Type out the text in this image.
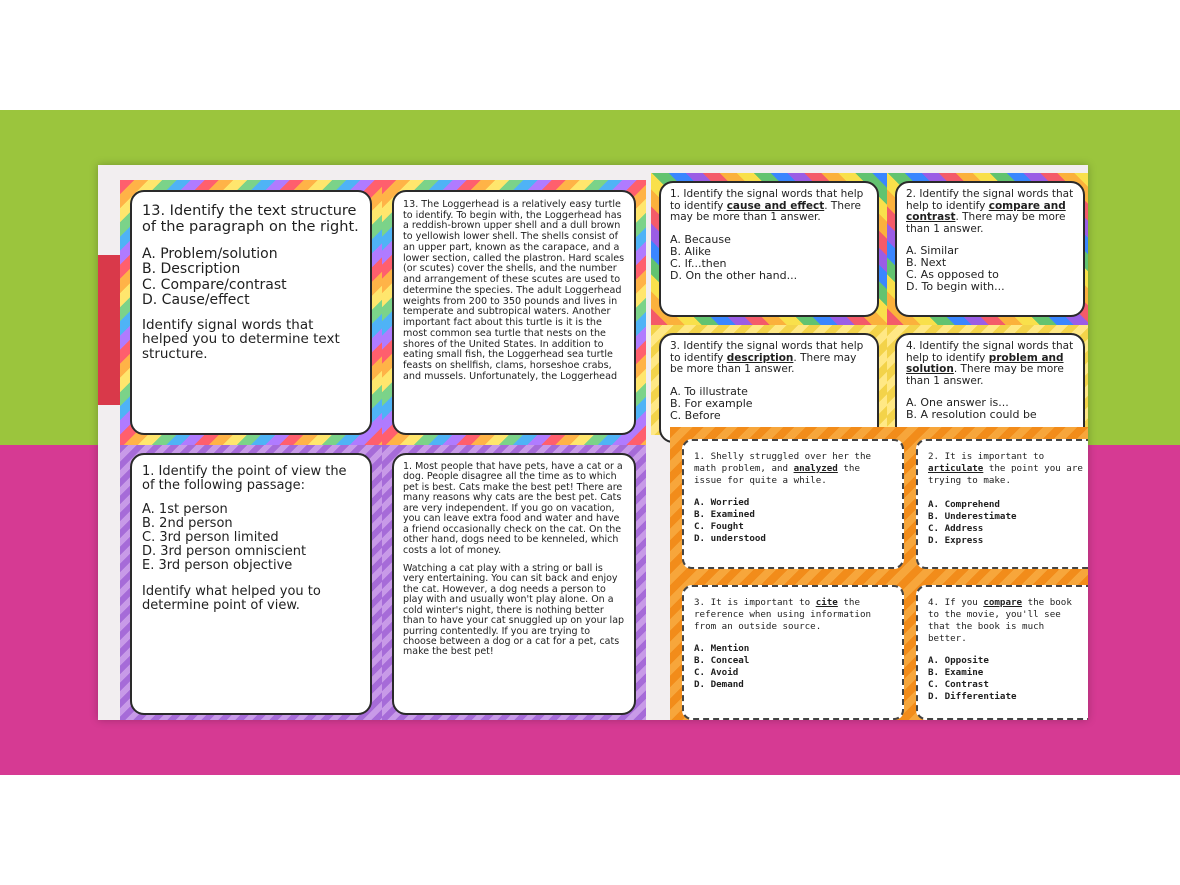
13. Identify the text structure of the paragraph on the right.

A. Problem/solution
B. Description
C. Compare/contrast
D. Cause/effect

Identify signal words that helped you to determine text structure.

13. The Loggerhead is a relatively easy turtle to identify. To begin with, the Loggerhead has a reddish-brown upper shell and a dull brown to yellowish lower shell. The shells consist of an upper part, known as the carapace, and a lower section, called the plastron. Hard scales (or scutes) cover the shells, and the number and arrangement of these scutes are used to determine the species. The adult Loggerhead weights from 200 to 350 pounds and lives in temperate and subtropical waters. Another important fact about this turtle is it is the most common sea turtle that nests on the shores of the United States. In addition to eating small fish, the Loggerhead sea turtle feasts on shellfish, clams, horseshoe crabs, and mussels. Unfortunately, the Loggerhead

1. Identify the point of view the of the following passage:

A. 1st person
B. 2nd person
C. 3rd person limited
D. 3rd person omniscient
E. 3rd person objective

Identify what helped you to determine point of view.

1. Most people that have pets, have a cat or a dog. People disagree all the time as to which pet is best. Cats make the best pet! There are many reasons why cats are the best pet. Cats are very independent. If you go on vacation, you can leave extra food and water and have a friend occasionally check on the cat. On the other hand, dogs need to be kenneled, which costs a lot of money.

Watching a cat play with a string or ball is very entertaining. You can sit back and enjoy the cat. However, a dog needs a person to play with and usually won't play alone. On a cold winter's night, there is nothing better than to have your cat snuggled up on your lap purring contentedly. If you are trying to choose between a dog or a cat for a pet, cats make the best pet!

1. Identify the signal words that help to identify cause and effect. There may be more than 1 answer.

A. Because
B. Alike
C. If...then
D. On the other hand...

2. Identify the signal words that help to identify compare and contrast. There may be more than 1 answer.

A. Similar
B. Next
C. As opposed to
D. To begin with...

3. Identify the signal words that help to identify description. There may be more than 1 answer.

A. To illustrate
B. For example
C. Before

4. Identify the signal words that help to identify problem and solution. There may be more than 1 answer.

A. One answer is...
B. A resolution could be

1. Shelly struggled over her the math problem, and analyzed the issue for quite a while.

A. Worried
B. Examined
C. Fought
D. understood

2. It is important to articulate the point you are trying to make.

A. Comprehend
B. Underestimate
C. Address
D. Express

3. It is important to cite the reference when using information from an outside source.

A. Mention
B. Conceal
C. Avoid
D. Demand

4. If you compare the book to the movie, you'll see that the book is much better.

A. Opposite
B. Examine
C. Contrast
D. Differentiate
